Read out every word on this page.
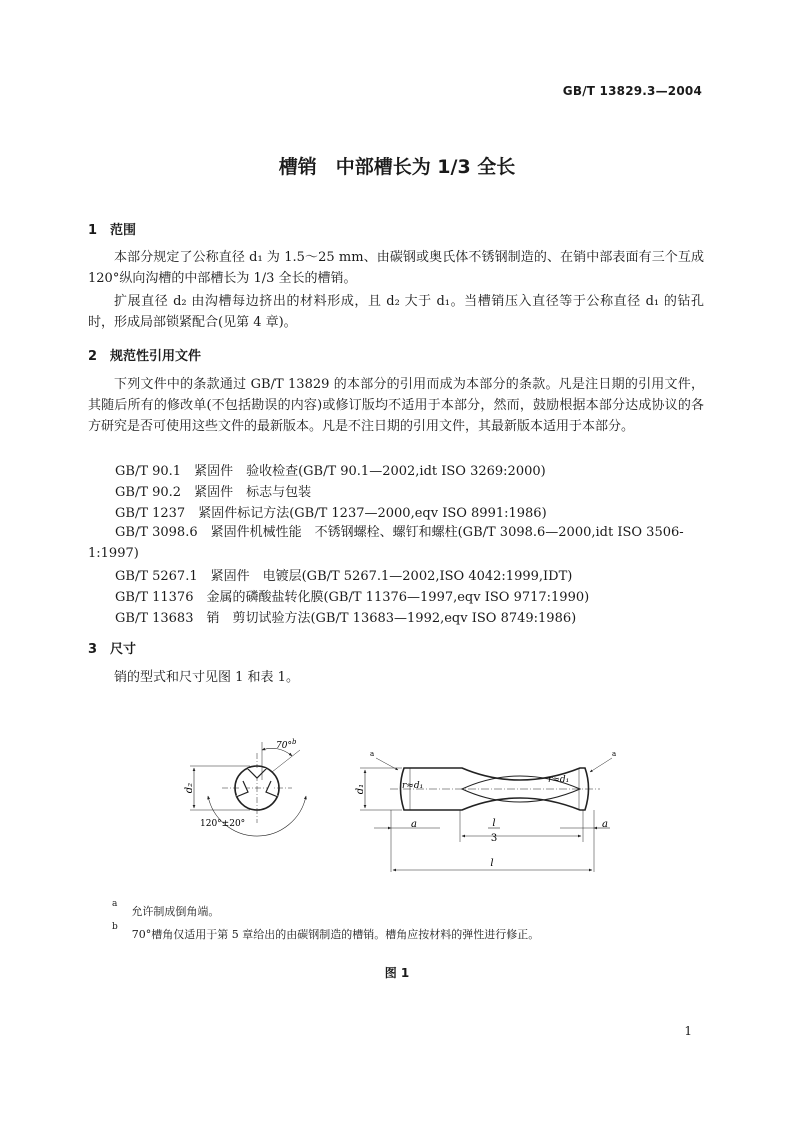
GB/T 13829.3—2004
槽销　中部槽长为 1/3 全长
1 范围
本部分规定了公称直径 d₁ 为 1.5～25 mm、由碳钢或奥氏体不锈钢制造的、在销中部表面有三个互成 120°纵向沟槽的中部槽长为 1/3 全长的槽销。
扩展直径 d₂ 由沟槽每边挤出的材料形成，且 d₂ 大于 d₁。当槽销压入直径等于公称直径 d₁ 的钻孔时，形成局部锁紧配合(见第 4 章)。
2 规范性引用文件
下列文件中的条款通过 GB/T 13829 的本部分的引用而成为本部分的条款。凡是注日期的引用文件，其随后所有的修改单(不包括勘误的内容)或修订版均不适用于本部分，然而，鼓励根据本部分达成协议的各方研究是否可使用这些文件的最新版本。凡是不注日期的引用文件，其最新版本适用于本部分。
GB/T 90.1　紧固件　验收检查(GB/T 90.1—2002,idt ISO 3269:2000)
GB/T 90.2　紧固件　标志与包装
GB/T 1237　紧固件标记方法(GB/T 1237—2000,eqv ISO 8991:1986)
GB/T 3098.6　紧固件机械性能　不锈钢螺栓、螺钉和螺柱(GB/T 3098.6—2000,idt ISO 3506-1:1997)
GB/T 5267.1　紧固件　电镀层(GB/T 5267.1—2002,ISO 4042:1999,IDT)
GB/T 11376　金属的磷酸盐转化膜(GB/T 11376—1997,eqv ISO 9717:1990)
GB/T 13683　销　剪切试验方法(GB/T 13683—1992,eqv ISO 8749:1986)
3 尺寸
销的型式和尺寸见图 1 和表 1。
70°$^b$
d₂
120°±20°
d₁	r≈d₁
r≈d₁
a	a
a	a
l
3
l
$^a$允许制成倒角端。
$^b$70°槽角仅适用于第 5 章给出的由碳钢制造的槽销。槽角应按材料的弹性进行修正。
图 1
1
